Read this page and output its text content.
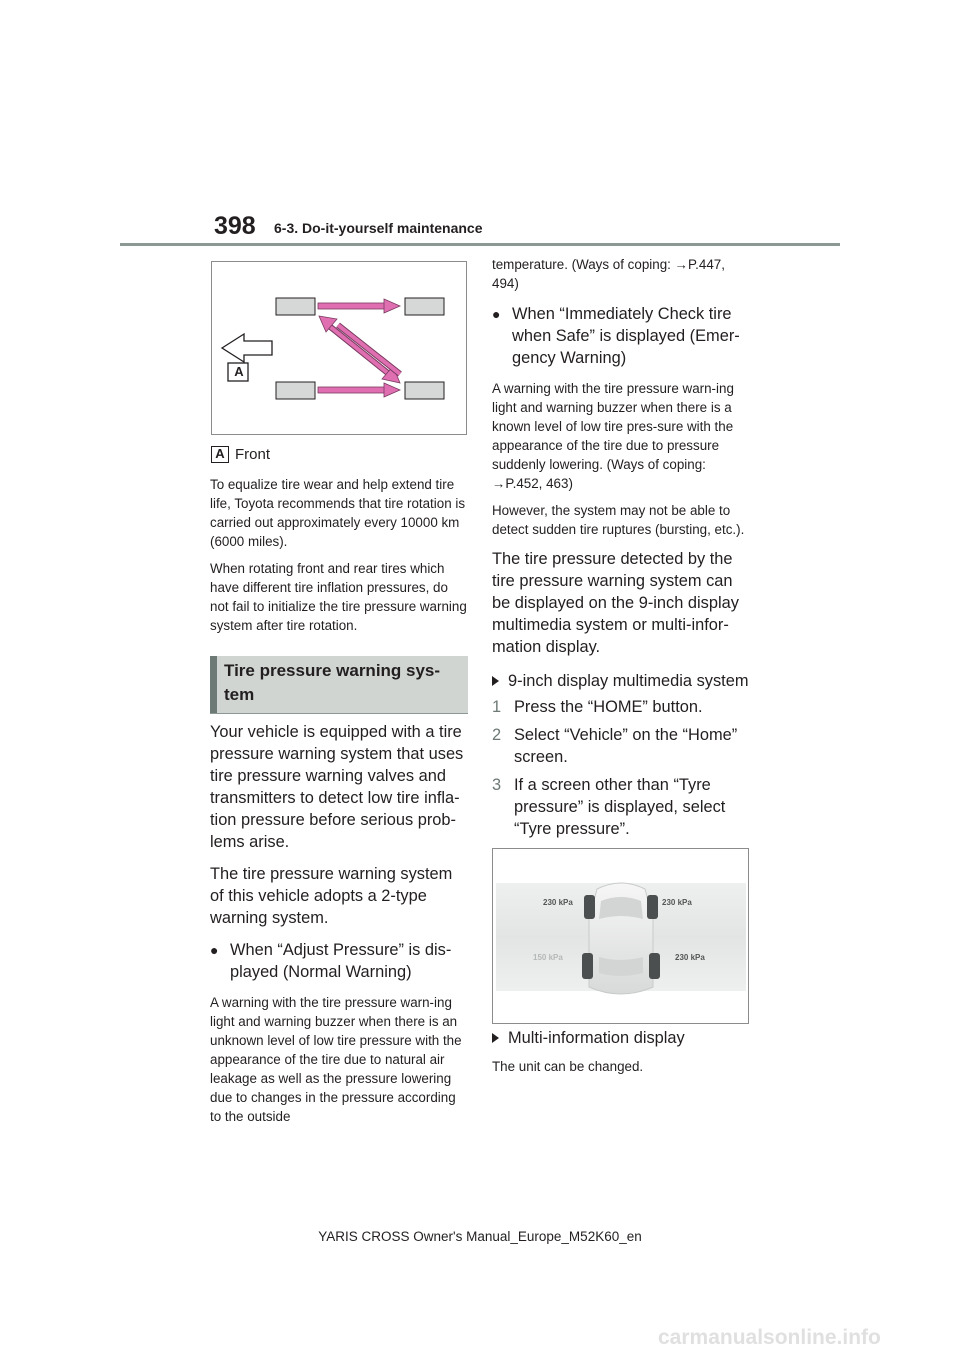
398 6-3. Do-it-yourself maintenance
A
A Front

To equalize tire wear and help extend tire life, Toyota recommends that tire rotation is carried out approximately every 10000 km (6000 miles).

When rotating front and rear tires which have different tire inflation pressures, do not fail to initialize the tire pressure warning system after tire rotation.

Tire pressure warning sys-tem

Your vehicle is equipped with a tire pressure warning system that uses tire pressure warning valves and transmitters to detect low tire infla-tion pressure before serious prob-lems arise.

The tire pressure warning system of this vehicle adopts a 2-type warning system.

● When “Adjust Pressure” is dis-played (Normal Warning)

A warning with the tire pressure warn-ing light and warning buzzer when there is an unknown level of low tire pressure with the appearance of the tire due to natural air leakage as well as the pressure lowering due to changes in the pressure according to the outside

temperature. (Ways of coping: →P.447, 494)

● When “Immediately Check tire when Safe” is displayed (Emer-gency Warning)

A warning with the tire pressure warn-ing light and warning buzzer when there is a known level of low tire pres-sure with the appearance of the tire due to pressure suddenly lowering. (Ways of coping: →P.452, 463)

However, the system may not be able to detect sudden tire ruptures (bursting, etc.).

The tire pressure detected by the tire pressure warning system can be displayed on the 9-inch display multimedia system or multi-infor-mation display.

9-inch display multimedia system

1 Press the “HOME” button.
2 Select “Vehicle” on the “Home” screen.
3 If a screen other than “Tyre pressure” is displayed, select “Tyre pressure”.
230 kPa	230 kPa
150 kPa	230 kPa

Multi-information display

The unit can be changed.

YARIS CROSS Owner's Manual_Europe_M52K60_en
carmanualsonline.info
